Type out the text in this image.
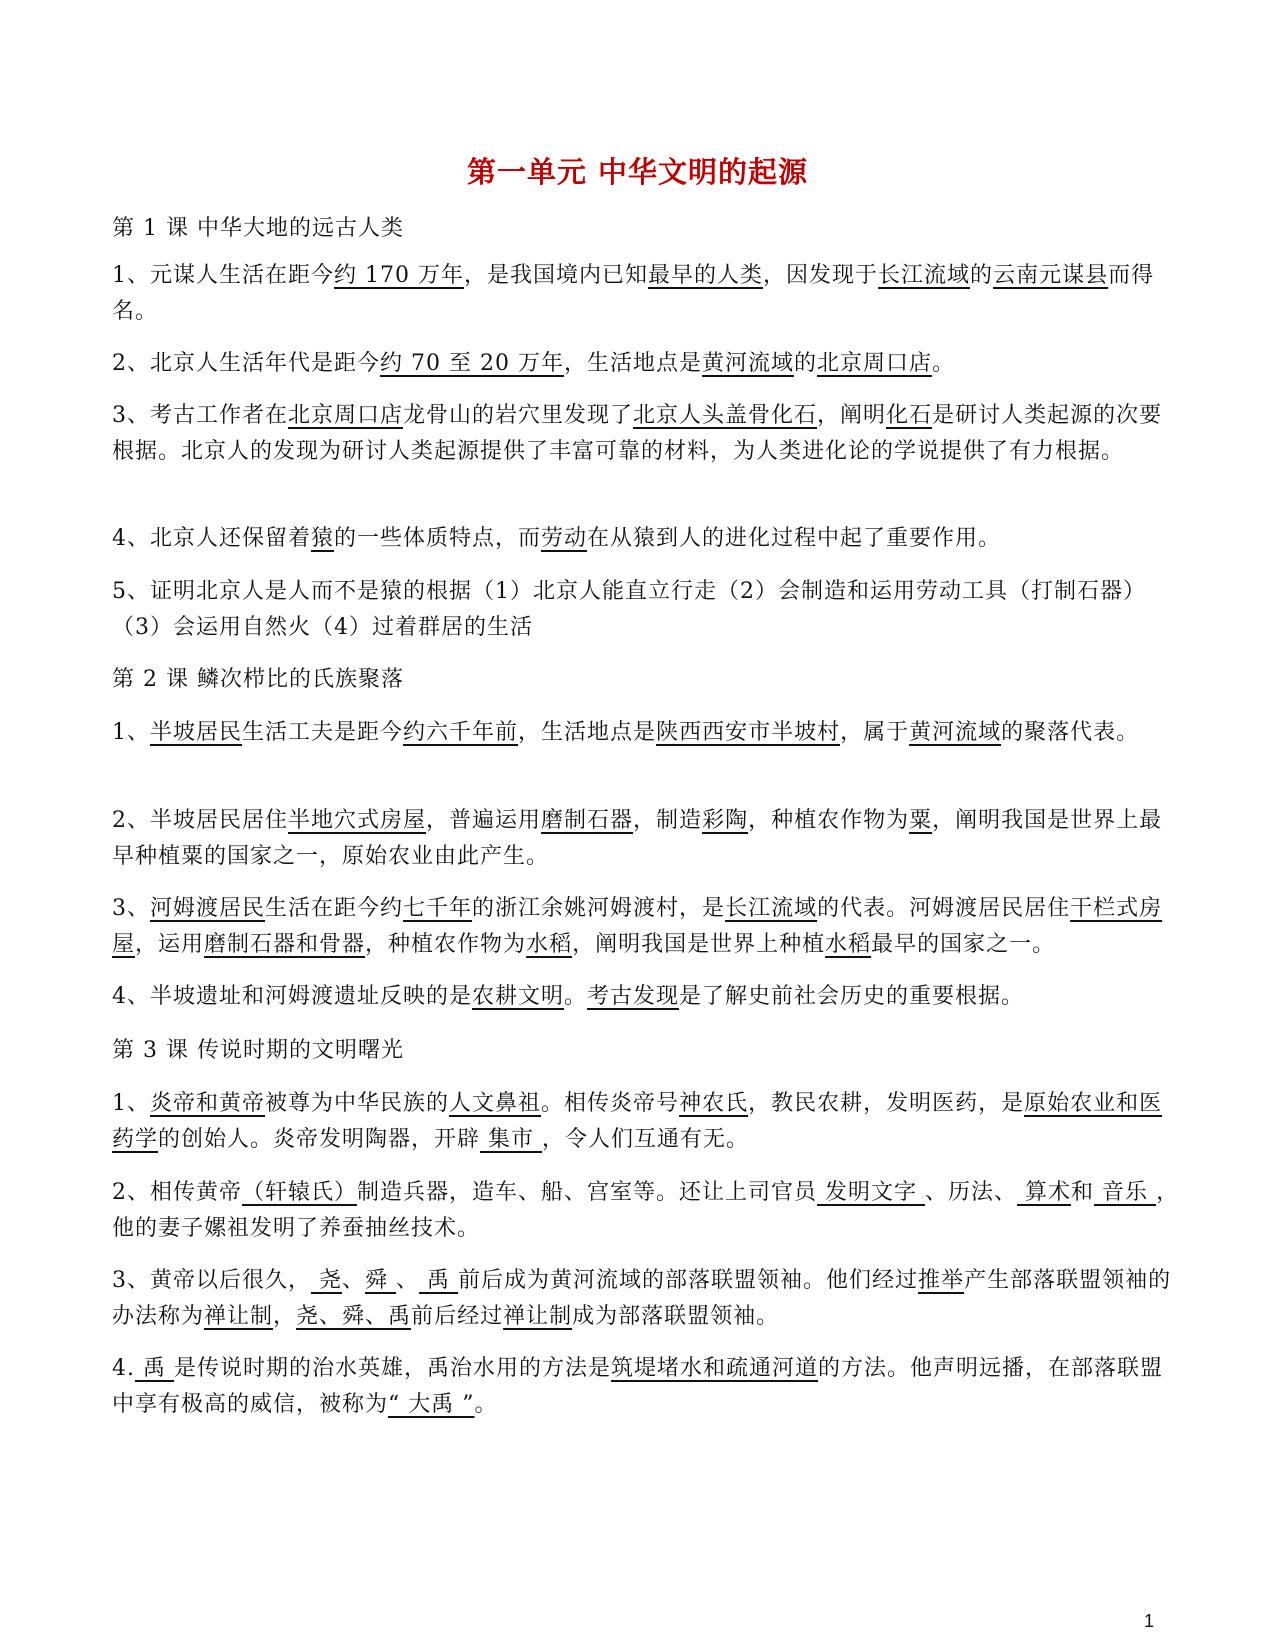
第一单元 中华文明的起源
第 1 课 中华大地的远古人类
1、元谋人生活在距今约 170 万年，是我国境内已知最早的人类，因发现于长江流域的云南元谋县而得名。
2、北京人生活年代是距今约 70 至 20 万年，生活地点是黄河流域的北京周口店。
3、考古工作者在北京周口店龙骨山的岩穴里发现了北京人头盖骨化石，阐明化石是研讨人类起源的次要根据。北京人的发现为研讨人类起源提供了丰富可靠的材料，为人类进化论的学说提供了有力根据。
4、北京人还保留着猿的一些体质特点，而劳动在从猿到人的进化过程中起了重要作用。
5、证明北京人是人而不是猿的根据（1）北京人能直立行走（2）会制造和运用劳动工具（打制石器）（3）会运用自然火（4）过着群居的生活
第 2 课 鳞次栉比的氏族聚落
1、半坡居民生活工夫是距今约六千年前，生活地点是陕西西安市半坡村，属于黄河流域的聚落代表。
2、半坡居民居住半地穴式房屋，普遍运用磨制石器，制造彩陶，种植农作物为粟，阐明我国是世界上最早种植粟的国家之一，原始农业由此产生。
3、河姆渡居民生活在距今约七千年的浙江余姚河姆渡村，是长江流域的代表。河姆渡居民居住干栏式房屋，运用磨制石器和骨器，种植农作物为水稻，阐明我国是世界上种植水稻最早的国家之一。
4、半坡遗址和河姆渡遗址反映的是农耕文明。考古发现是了解史前社会历史的重要根据。
第 3 课 传说时期的文明曙光
1、炎帝和黄帝被尊为中华民族的人文鼻祖。相传炎帝号神农氏，教民农耕，发明医药，是原始农业和医药学的创始人。炎帝发明陶器，开辟 集市 ，令人们互通有无。
2、相传黄帝（轩辕氏）制造兵器，造车、船、宫室等。还让上司官员 发明文字 、历法、 算术和 音乐 ，他的妻子嫘祖发明了养蚕抽丝技术。
3、黄帝以后很久， 尧、舜 、 禹 前后成为黄河流域的部落联盟领袖。他们经过推举产生部落联盟领袖的办法称为禅让制，尧、舜、禹前后经过禅让制成为部落联盟领袖。
4. 禹 是传说时期的治水英雄，禹治水用的方法是筑堤堵水和疏通河道的方法。他声明远播，在部落联盟中享有极高的威信，被称为“ 大禹 ”。
1
